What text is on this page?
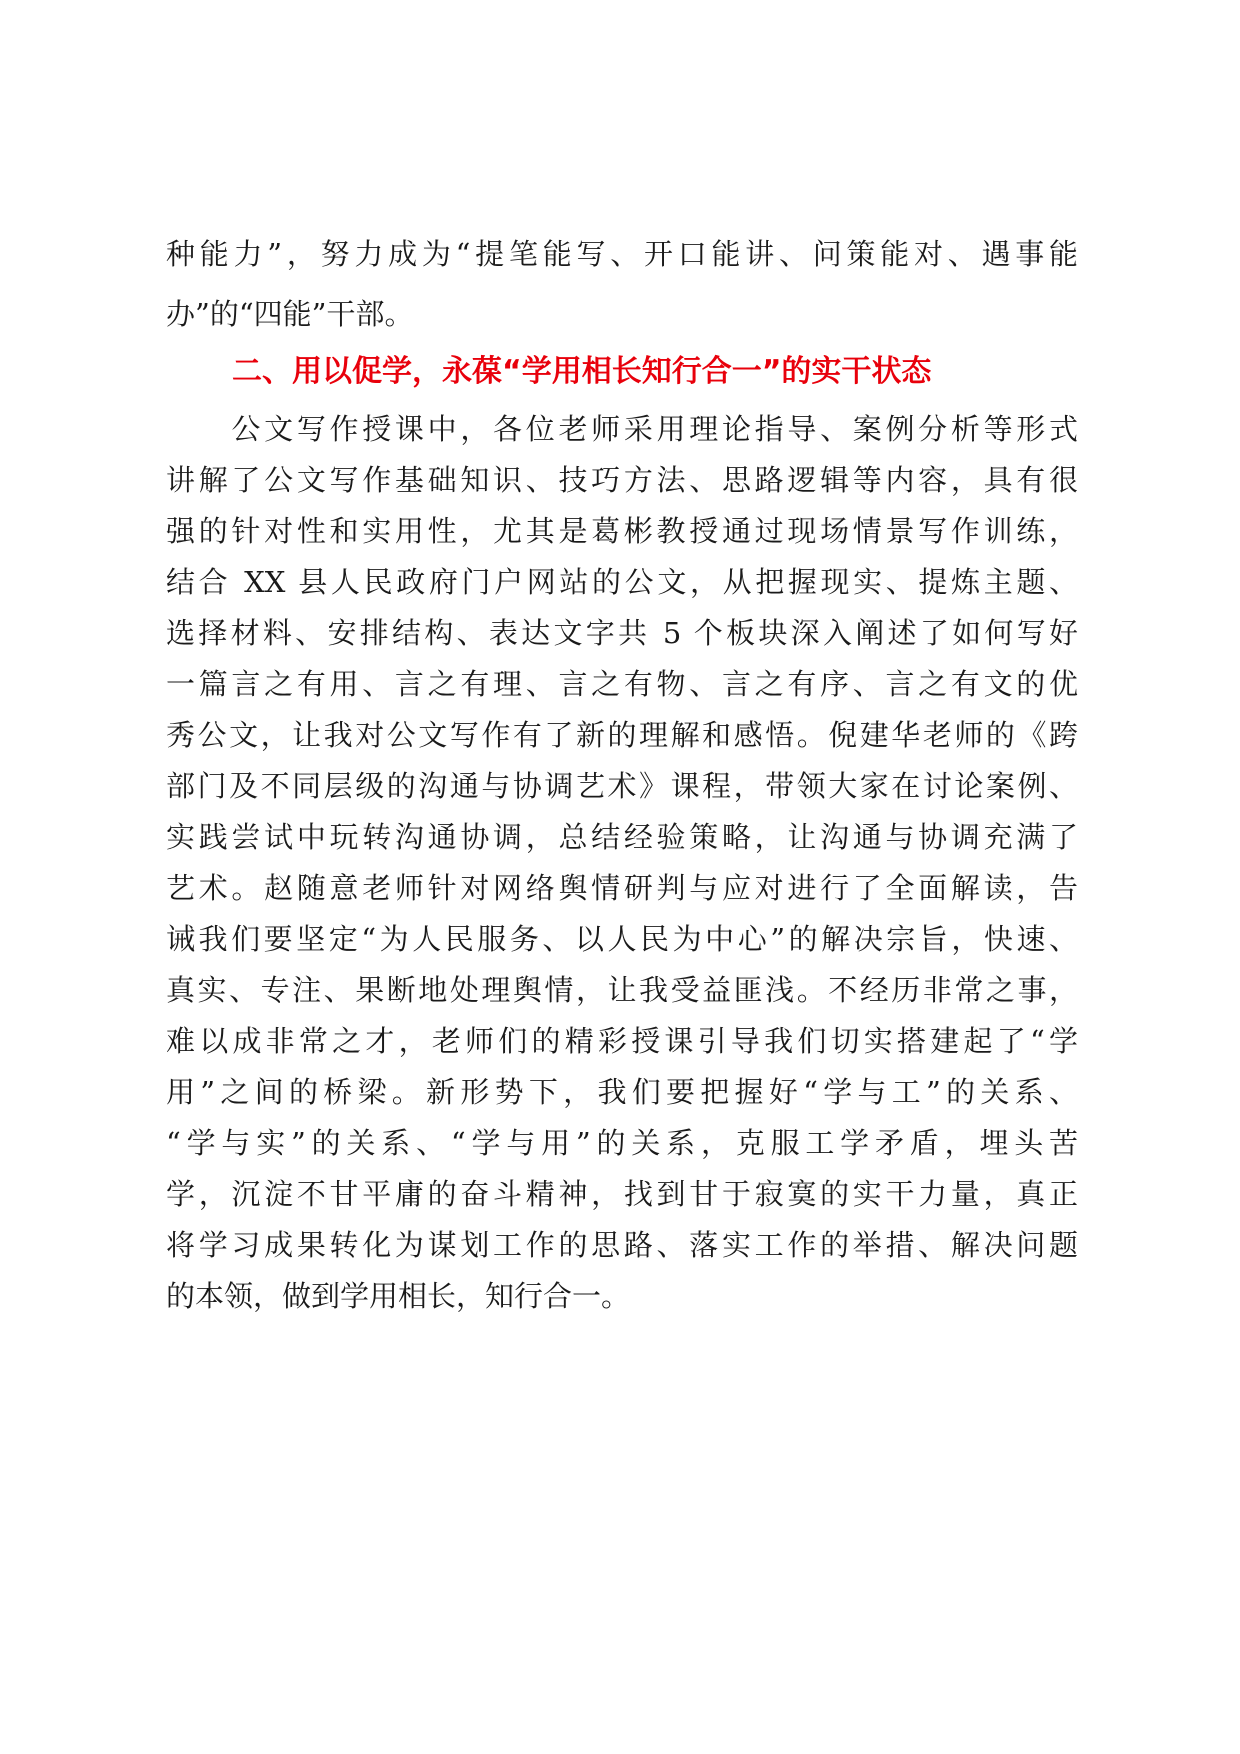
种能力”，努力成为“提笔能写、开口能讲、问策能对、遇事能
办”的“四能”干部。
二、用以促学，永葆“学用相长知行合一”的实干状态
　　公文写作授课中，各位老师采用理论指导、案例分析等形式
讲解了公文写作基础知识、技巧方法、思路逻辑等内容，具有很
强的针对性和实用性，尤其是葛彬教授通过现场情景写作训练，
结合 XX 县人民政府门户网站的公文，从把握现实、提炼主题、
选择材料、安排结构、表达文字共 5 个板块深入阐述了如何写好
一篇言之有用、言之有理、言之有物、言之有序、言之有文的优
秀公文，让我对公文写作有了新的理解和感悟。倪建华老师的《跨
部门及不同层级的沟通与协调艺术》课程，带领大家在讨论案例、
实践尝试中玩转沟通协调，总结经验策略，让沟通与协调充满了
艺术。赵随意老师针对网络舆情研判与应对进行了全面解读，告
诫我们要坚定“为人民服务、以人民为中心”的解决宗旨，快速、
真实、专注、果断地处理舆情，让我受益匪浅。不经历非常之事，
难以成非常之才，老师们的精彩授课引导我们切实搭建起了“学
用”之间的桥梁。新形势下，我们要把握好“学与工”的关系、
“学与实”的关系、“学与用”的关系，克服工学矛盾，埋头苦
学，沉淀不甘平庸的奋斗精神，找到甘于寂寞的实干力量，真正
将学习成果转化为谋划工作的思路、落实工作的举措、解决问题
的本领，做到学用相长，知行合一。
